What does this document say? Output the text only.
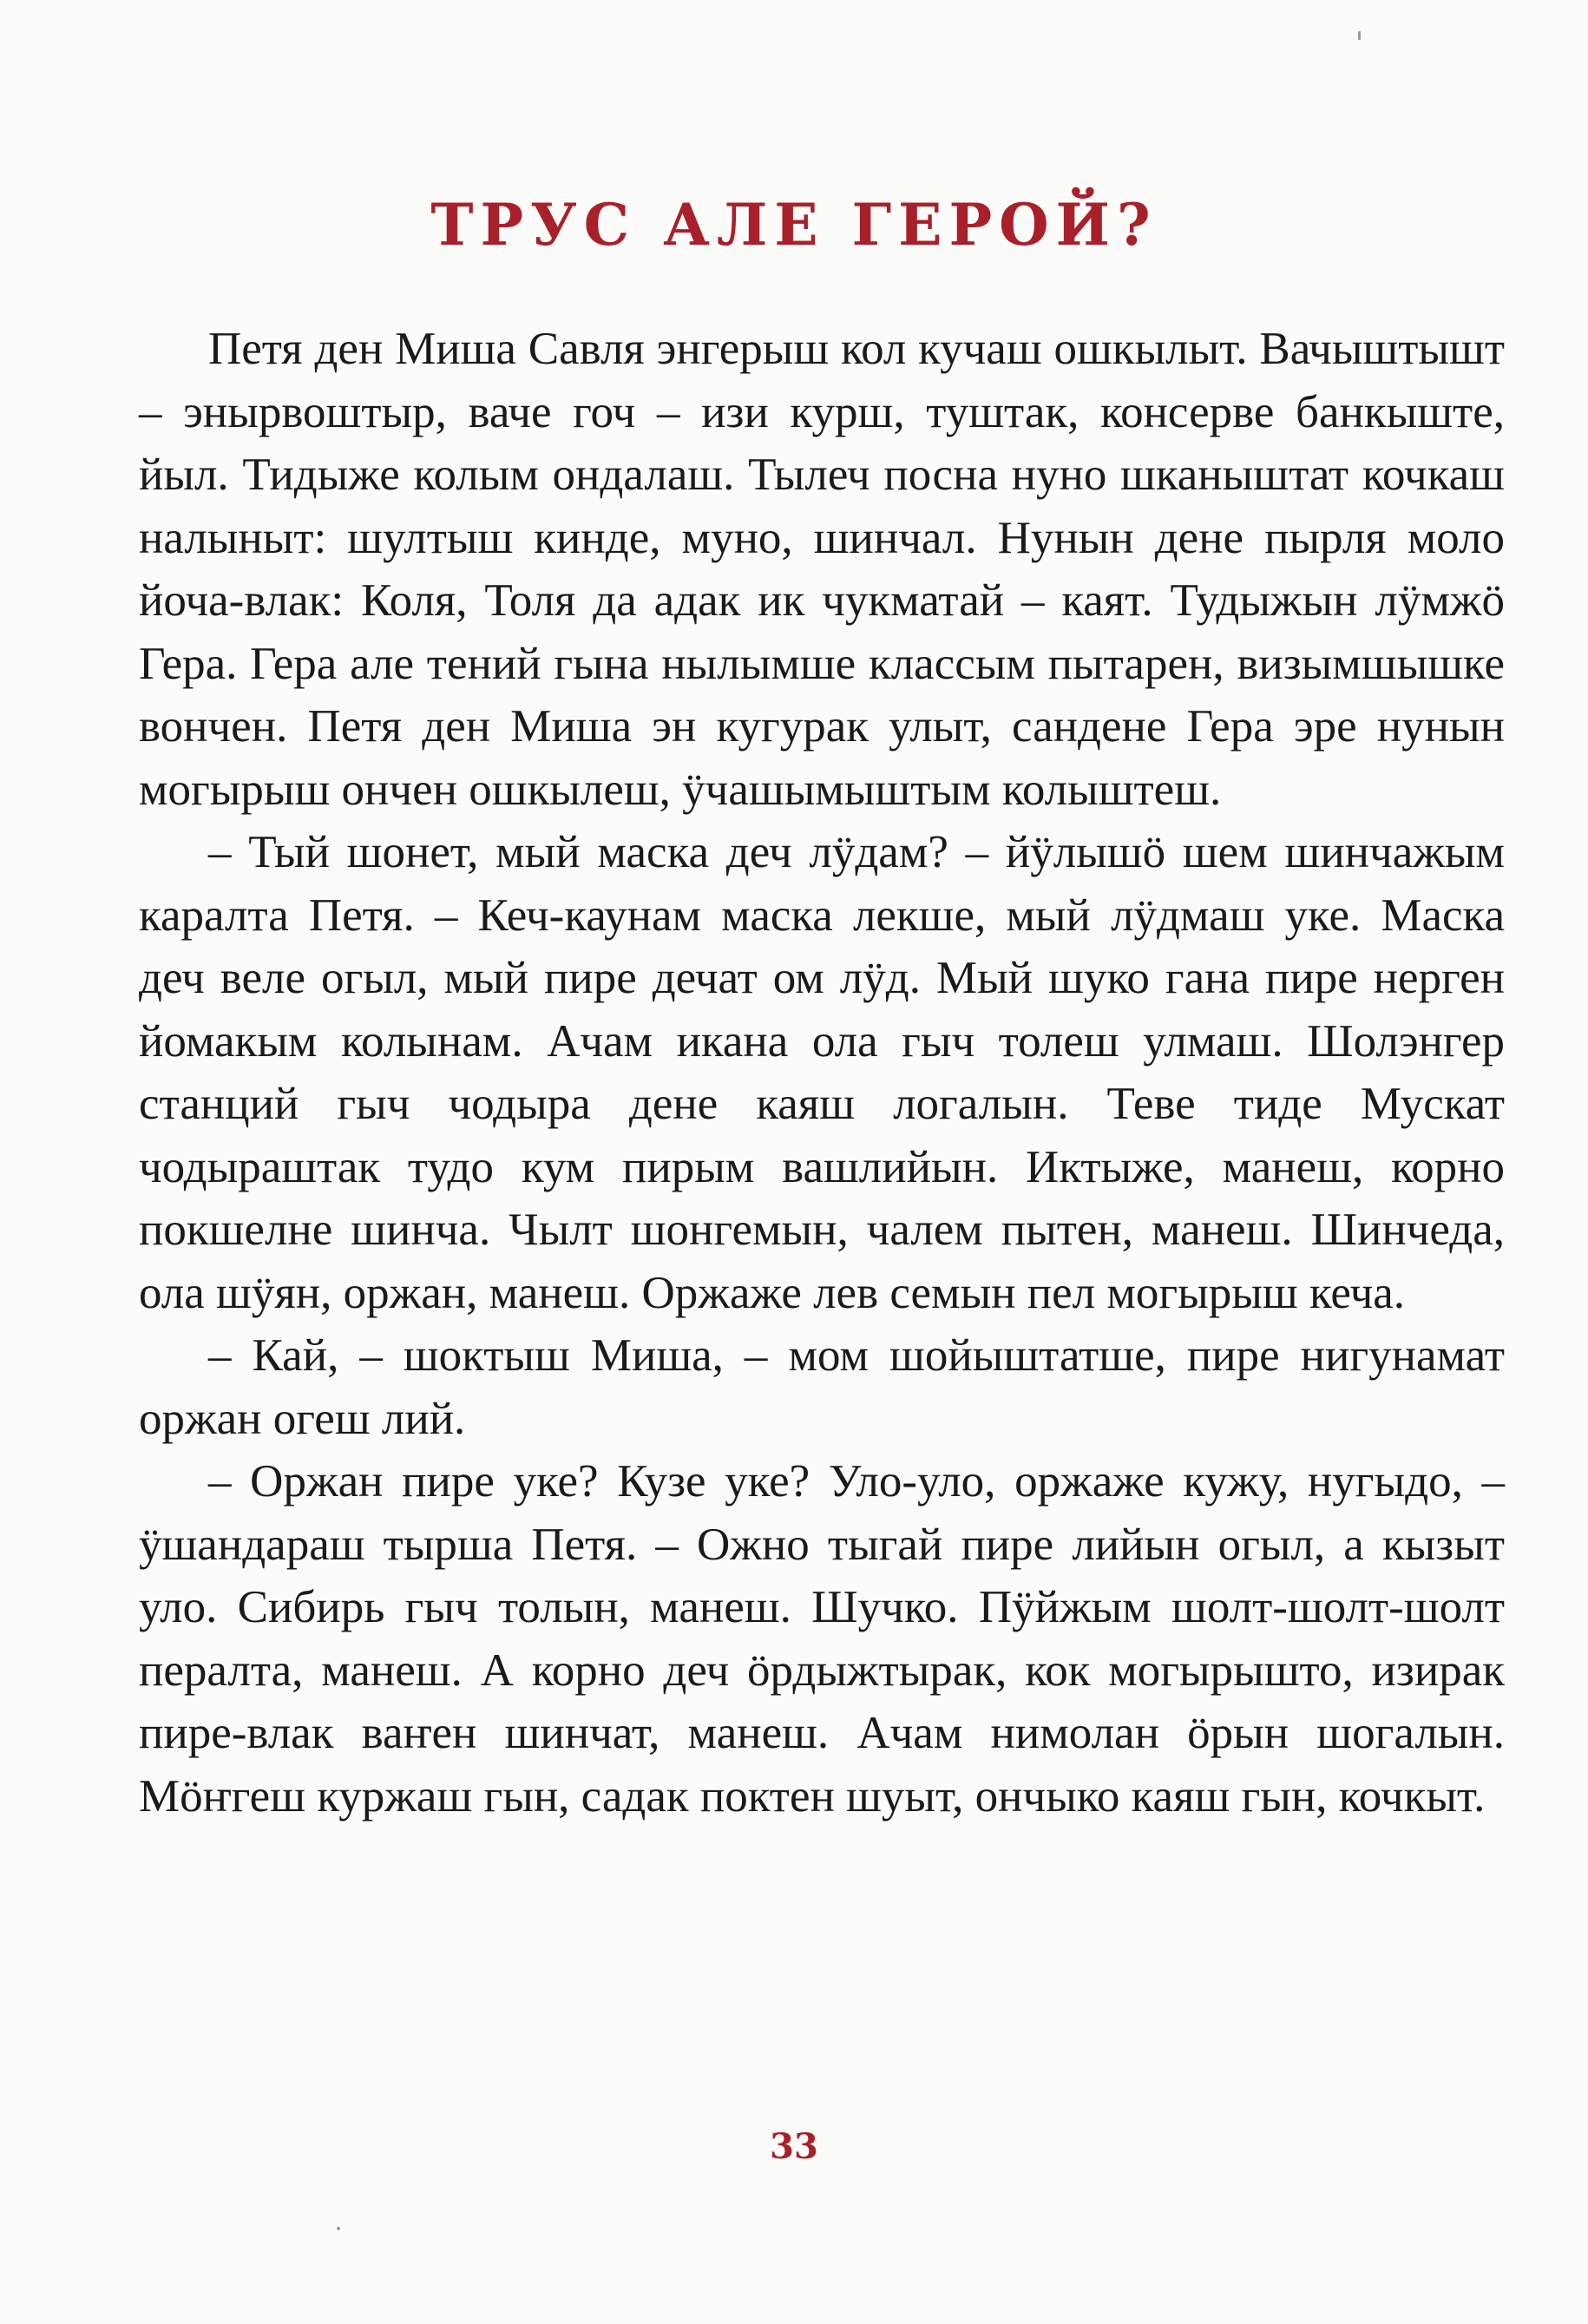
ТРУС АЛЕ ГЕРОЙ?

Петя ден Миша Савля энгерыш кол кучаш ошкылыт. Вачыштышт – энырвоштыр, ваче гоч – изи курш, туштак, консерве банкыште, йыл. Тидыже колым ондалаш. Тылеч посна нуно шканыштат кочкаш налыныт: шултыш кинде, муно, шинчал. Нунын дене пырля моло йоча-влак: Коля, Толя да адак ик чукматай – каят. Тудыжын лӱмжӧ Гера. Гера але тений гына нылымше классым пытарен, визымшышке вончен. Петя ден Миша эн кугурак улыт, сандене Гера эре нунын могырыш ончен ошкылеш, ӱчашымыштым колыштеш.

– Тый шонет, мый маска деч лӱдам? – йӱлышӧ шем шинчажым каралта Петя. – Кеч-каунам маска лекше, мый лӱдмаш уке. Маска деч веле огыл, мый пире дечат ом лӱд. Мый шуко гана пире нерген йомакым колынам. Ачам икана ола гыч толеш улмаш. Шолэнгер станций гыч чодыра дене каяш логалын. Теве тиде Мускат чодыраштак тудо кум пирым вашлийын. Иктыже, манеш, корно покшелне шинча. Чылт шонгемын, чалем пытен, манеш. Шинчеда, ола шӱян, оржан, манеш. Оржаже лев семын пел могырыш кеча.

– Кай, – шоктыш Миша, – мом шойыштатше, пире нигунамат оржан огеш лий.

– Оржан пире уке? Кузе уке? Уло-уло, оржаже кужу, нугыдо, – ӱшандараш тырша Петя. – Ожно тыгай пире лийын огыл, а кызыт уло. Сибирь гыч толын, манеш. Шучко. Пӱйжым шолт-шолт-шолт пералта, манеш. А корно деч ӧрдыжтырак, кок могырышто, изирак пире-влак ваҥен шинчат, манеш. Ачам нимолан ӧрын шогалын. Мӧҥгеш куржаш гын, садак поктен шуыт, ончыко каяш гын, кочкыт.

33
